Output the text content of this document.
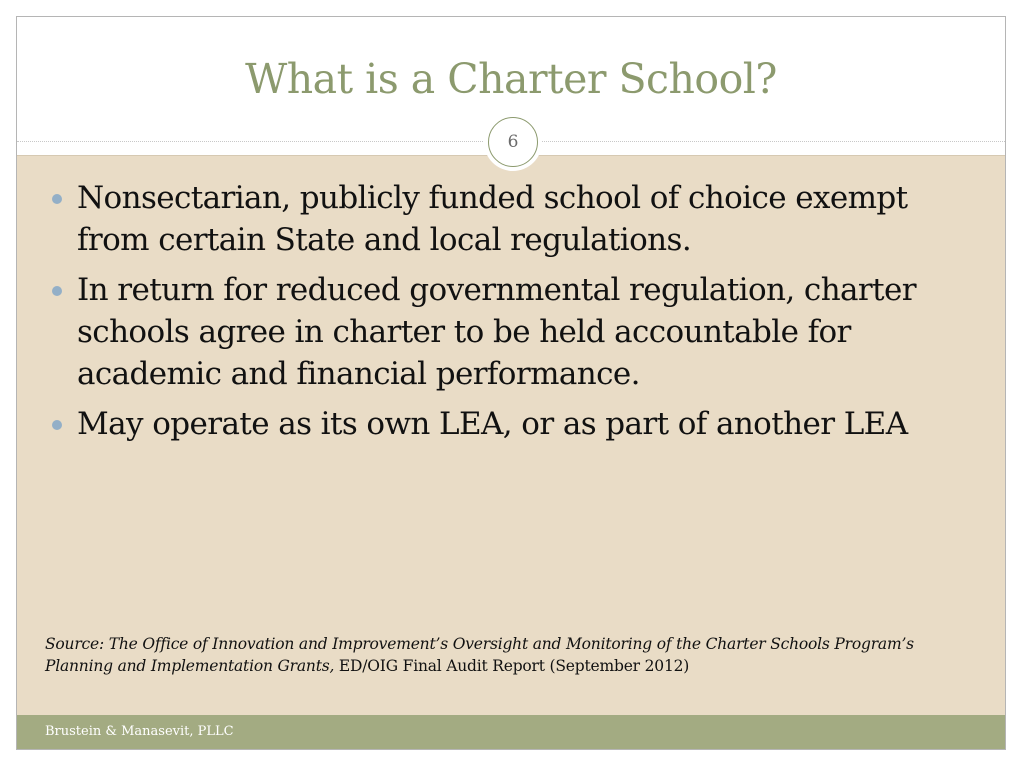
What is a Charter School?
6
Nonsectarian, publicly funded school of choice exempt from certain State and local regulations.
In return for reduced governmental regulation, charter schools agree in charter to be held accountable for academic and financial performance.
May operate as its own LEA, or as part of another LEA
Source: The Office of Innovation and Improvement’s Oversight and Monitoring of the Charter Schools Program’s Planning and Implementation Grants, ED/OIG Final Audit Report (September 2012)
Brustein & Manasevit, PLLC
